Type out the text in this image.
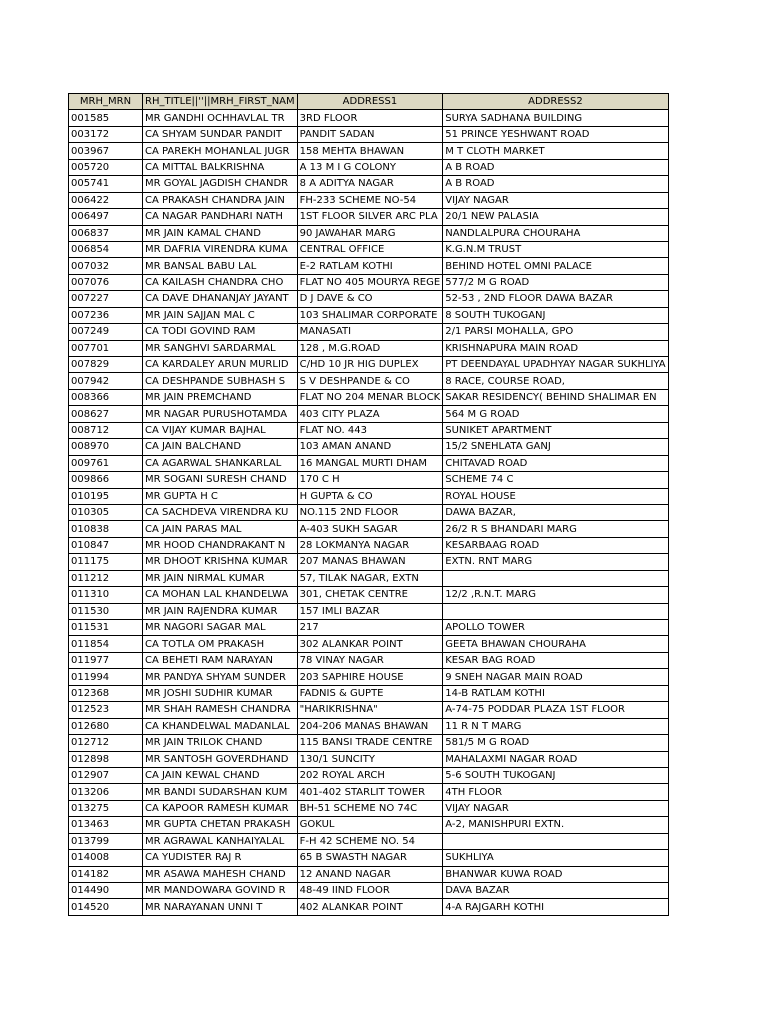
MRH_MRN	RH_TITLE||''||MRH_FIRST_NAM	ADDRESS1	ADDRESS2
001585	MR GANDHI OCHHAVLAL TR	3RD FLOOR	SURYA SADHANA BUILDING
003172	CA SHYAM SUNDAR PANDIT	PANDIT SADAN	51 PRINCE YESHWANT ROAD
003967	CA PAREKH MOHANLAL JUGR	158 MEHTA BHAWAN	M T CLOTH MARKET
005720	CA MITTAL BALKRISHNA	A 13 M I G COLONY	A B ROAD
005741	MR GOYAL JAGDISH CHANDR	8 A ADITYA NAGAR	A B ROAD
006422	CA PRAKASH CHANDRA JAIN	FH-233 SCHEME NO-54	VIJAY NAGAR
006497	CA NAGAR PANDHARI NATH	1ST FLOOR SILVER ARC PLA	20/1 NEW PALASIA
006837	MR JAIN KAMAL CHAND	90 JAWAHAR MARG	NANDLALPURA CHOURAHA
006854	MR DAFRIA VIRENDRA KUMA	CENTRAL OFFICE	K.G.N.M TRUST
007032	MR BANSAL BABU LAL	E-2 RATLAM KOTHI	BEHIND HOTEL OMNI PALACE
007076	CA KAILASH CHANDRA CHO	FLAT NO 405 MOURYA REGE	577/2 M G ROAD
007227	CA DAVE DHANANJAY JAYANT	D J DAVE & CO	52-53 , 2ND FLOOR DAWA BAZAR
007236	MR JAIN SAJJAN MAL C	103 SHALIMAR CORPORATE	8 SOUTH TUKOGANJ
007249	CA TODI GOVIND RAM	MANASATI	2/1 PARSI MOHALLA, GPO
007701	MR SANGHVI SARDARMAL	128 , M.G.ROAD	KRISHNAPURA MAIN ROAD
007829	CA KARDALEY ARUN MURLID	C/HD 10 JR HIG DUPLEX	PT DEENDAYAL UPADHYAY NAGAR SUKHLIYA
007942	CA DESHPANDE SUBHASH S	S V DESHPANDE & CO	8 RACE, COURSE ROAD,
008366	MR JAIN PREMCHAND	FLAT NO 204 MENAR BLOCK	SAKAR RESIDENCY( BEHIND SHALIMAR EN
008627	MR NAGAR PURUSHOTAMDA	403 CITY PLAZA	564 M G ROAD
008712	CA VIJAY KUMAR BAJHAL	FLAT NO. 443	SUNIKET APARTMENT
008970	CA JAIN BALCHAND	103 AMAN ANAND	15/2 SNEHLATA GANJ
009761	CA AGARWAL SHANKARLAL	16 MANGAL MURTI DHAM	CHITAVAD ROAD
009866	MR SOGANI SURESH CHAND	170 C H	SCHEME 74 C
010195	MR GUPTA H C	H GUPTA & CO	ROYAL HOUSE
010305	CA SACHDEVA VIRENDRA KU	NO.115 2ND FLOOR	DAWA BAZAR,
010838	CA JAIN PARAS MAL	A-403 SUKH SAGAR	26/2 R S BHANDARI MARG
010847	MR HOOD CHANDRAKANT N	28 LOKMANYA NAGAR	KESARBAAG ROAD
011175	MR DHOOT KRISHNA KUMAR	207 MANAS BHAWAN	EXTN. RNT MARG
011212	MR JAIN NIRMAL KUMAR	57, TILAK NAGAR, EXTN	
011310	CA MOHAN LAL KHANDELWA	301, CHETAK CENTRE	12/2 ,R.N.T. MARG
011530	MR JAIN RAJENDRA KUMAR	157 IMLI BAZAR	
011531	MR NAGORI SAGAR MAL	217	APOLLO TOWER
011854	CA TOTLA OM PRAKASH	302 ALANKAR POINT	GEETA BHAWAN CHOURAHA
011977	CA BEHETI RAM NARAYAN	78 VINAY NAGAR	KESAR BAG ROAD
011994	MR PANDYA SHYAM SUNDER	203 SAPHIRE HOUSE	9 SNEH NAGAR MAIN ROAD
012368	MR JOSHI SUDHIR KUMAR	FADNIS & GUPTE	14-B RATLAM KOTHI
012523	MR SHAH RAMESH CHANDRA	"HARIKRISHNA"	A-74-75 PODDAR PLAZA 1ST FLOOR
012680	CA KHANDELWAL MADANLAL	204-206 MANAS BHAWAN	11 R N T MARG
012712	MR JAIN TRILOK CHAND	115 BANSI TRADE CENTRE	581/5 M G ROAD
012898	MR SANTOSH GOVERDHAND	130/1 SUNCITY	MAHALAXMI NAGAR ROAD
012907	CA JAIN KEWAL CHAND	202 ROYAL ARCH	5-6 SOUTH TUKOGANJ
013206	MR BANDI SUDARSHAN KUM	401-402 STARLIT TOWER	4TH FLOOR
013275	CA KAPOOR RAMESH KUMAR	BH-51 SCHEME NO 74C	VIJAY NAGAR
013463	MR GUPTA CHETAN PRAKASH	GOKUL	A-2, MANISHPURI EXTN.
013799	MR AGRAWAL KANHAIYALAL	F-H 42 SCHEME NO. 54	
014008	CA YUDISTER RAJ R	65 B SWASTH NAGAR	SUKHLIYA
014182	MR ASAWA MAHESH CHAND	12 ANAND NAGAR	BHANWAR KUWA ROAD
014490	MR MANDOWARA GOVIND R	48-49 IIND FLOOR	DAVA BAZAR
014520	MR NARAYANAN UNNI T	402 ALANKAR POINT	4-A RAJGARH KOTHI
